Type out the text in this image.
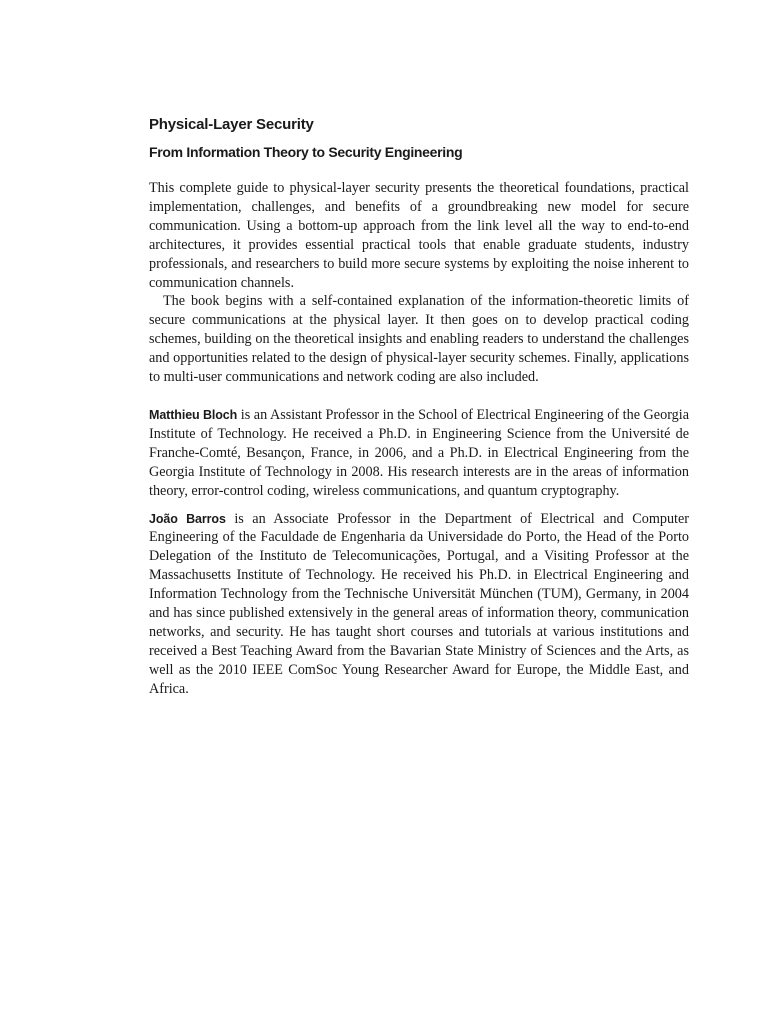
Physical-Layer Security
From Information Theory to Security Engineering

This complete guide to physical-layer security presents the theoretical foundations, practical implementation, challenges, and benefits of a groundbreaking new model for secure communication. Using a bottom-up approach from the link level all the way to end-to-end architectures, it provides essential practical tools that enable graduate students, industry professionals, and researchers to build more secure systems by exploiting the noise inherent to communication channels.

The book begins with a self-contained explanation of the information-theoretic limits of secure communications at the physical layer. It then goes on to develop practical coding schemes, building on the theoretical insights and enabling readers to understand the challenges and opportunities related to the design of physical-layer security schemes. Finally, applications to multi-user communications and network coding are also included.

Matthieu Bloch is an Assistant Professor in the School of Electrical Engineering of the Georgia Institute of Technology. He received a Ph.D. in Engineering Science from the Université de Franche-Comté, Besançon, France, in 2006, and a Ph.D. in Electrical Engineering from the Georgia Institute of Technology in 2008. His research interests are in the areas of information theory, error-control coding, wireless communications, and quantum cryptography.

João Barros is an Associate Professor in the Department of Electrical and Computer Engineering of the Faculdade de Engenharia da Universidade do Porto, the Head of the Porto Delegation of the Instituto de Telecomunicações, Portugal, and a Visiting Professor at the Massachusetts Institute of Technology. He received his Ph.D. in Electrical Engineering and Information Technology from the Technische Universität München (TUM), Germany, in 2004 and has since published extensively in the general areas of information theory, communication networks, and security. He has taught short courses and tutorials at various institutions and received a Best Teaching Award from the Bavarian State Ministry of Sciences and the Arts, as well as the 2010 IEEE ComSoc Young Researcher Award for Europe, the Middle East, and Africa.
